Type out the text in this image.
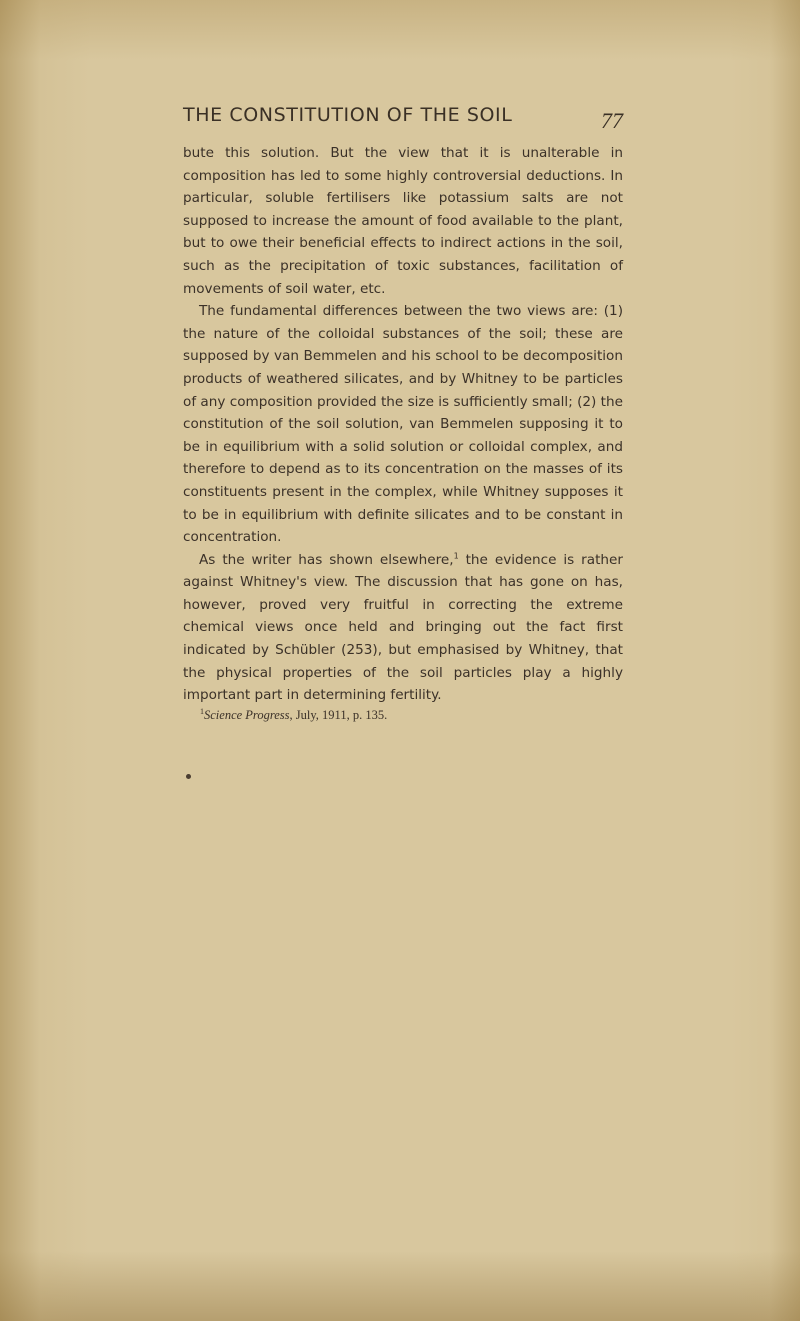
THE CONSTITUTION OF THE SOIL	77

bute this solution. But the view that it is unalterable in composition has led to some highly controversial deductions. In particular, soluble fertilisers like potassium salts are not supposed to increase the amount of food available to the plant, but to owe their beneficial effects to indirect actions in the soil, such as the precipitation of toxic substances, facilitation of movements of soil water, etc.

The fundamental differences between the two views are: (1) the nature of the colloidal substances of the soil; these are supposed by van Bemmelen and his school to be decomposition products of weathered silicates, and by Whitney to be particles of any composition provided the size is sufficiently small; (2) the constitution of the soil solution, van Bemmelen supposing it to be in equilibrium with a solid solution or colloidal complex, and therefore to depend as to its concentration on the masses of its constituents present in the complex, while Whitney supposes it to be in equilibrium with definite silicates and to be constant in concentration.

As the writer has shown elsewhere,$^1$ the evidence is rather against Whitney's view. The discussion that has gone on has, however, proved very fruitful in correcting the extreme chemical views once held and bringing out the fact first indicated by Schübler (253), but emphasised by Whitney, that the physical properties of the soil particles play a highly important part in determining fertility.

$^1$Science Progress, July, 1911, p. 135.
